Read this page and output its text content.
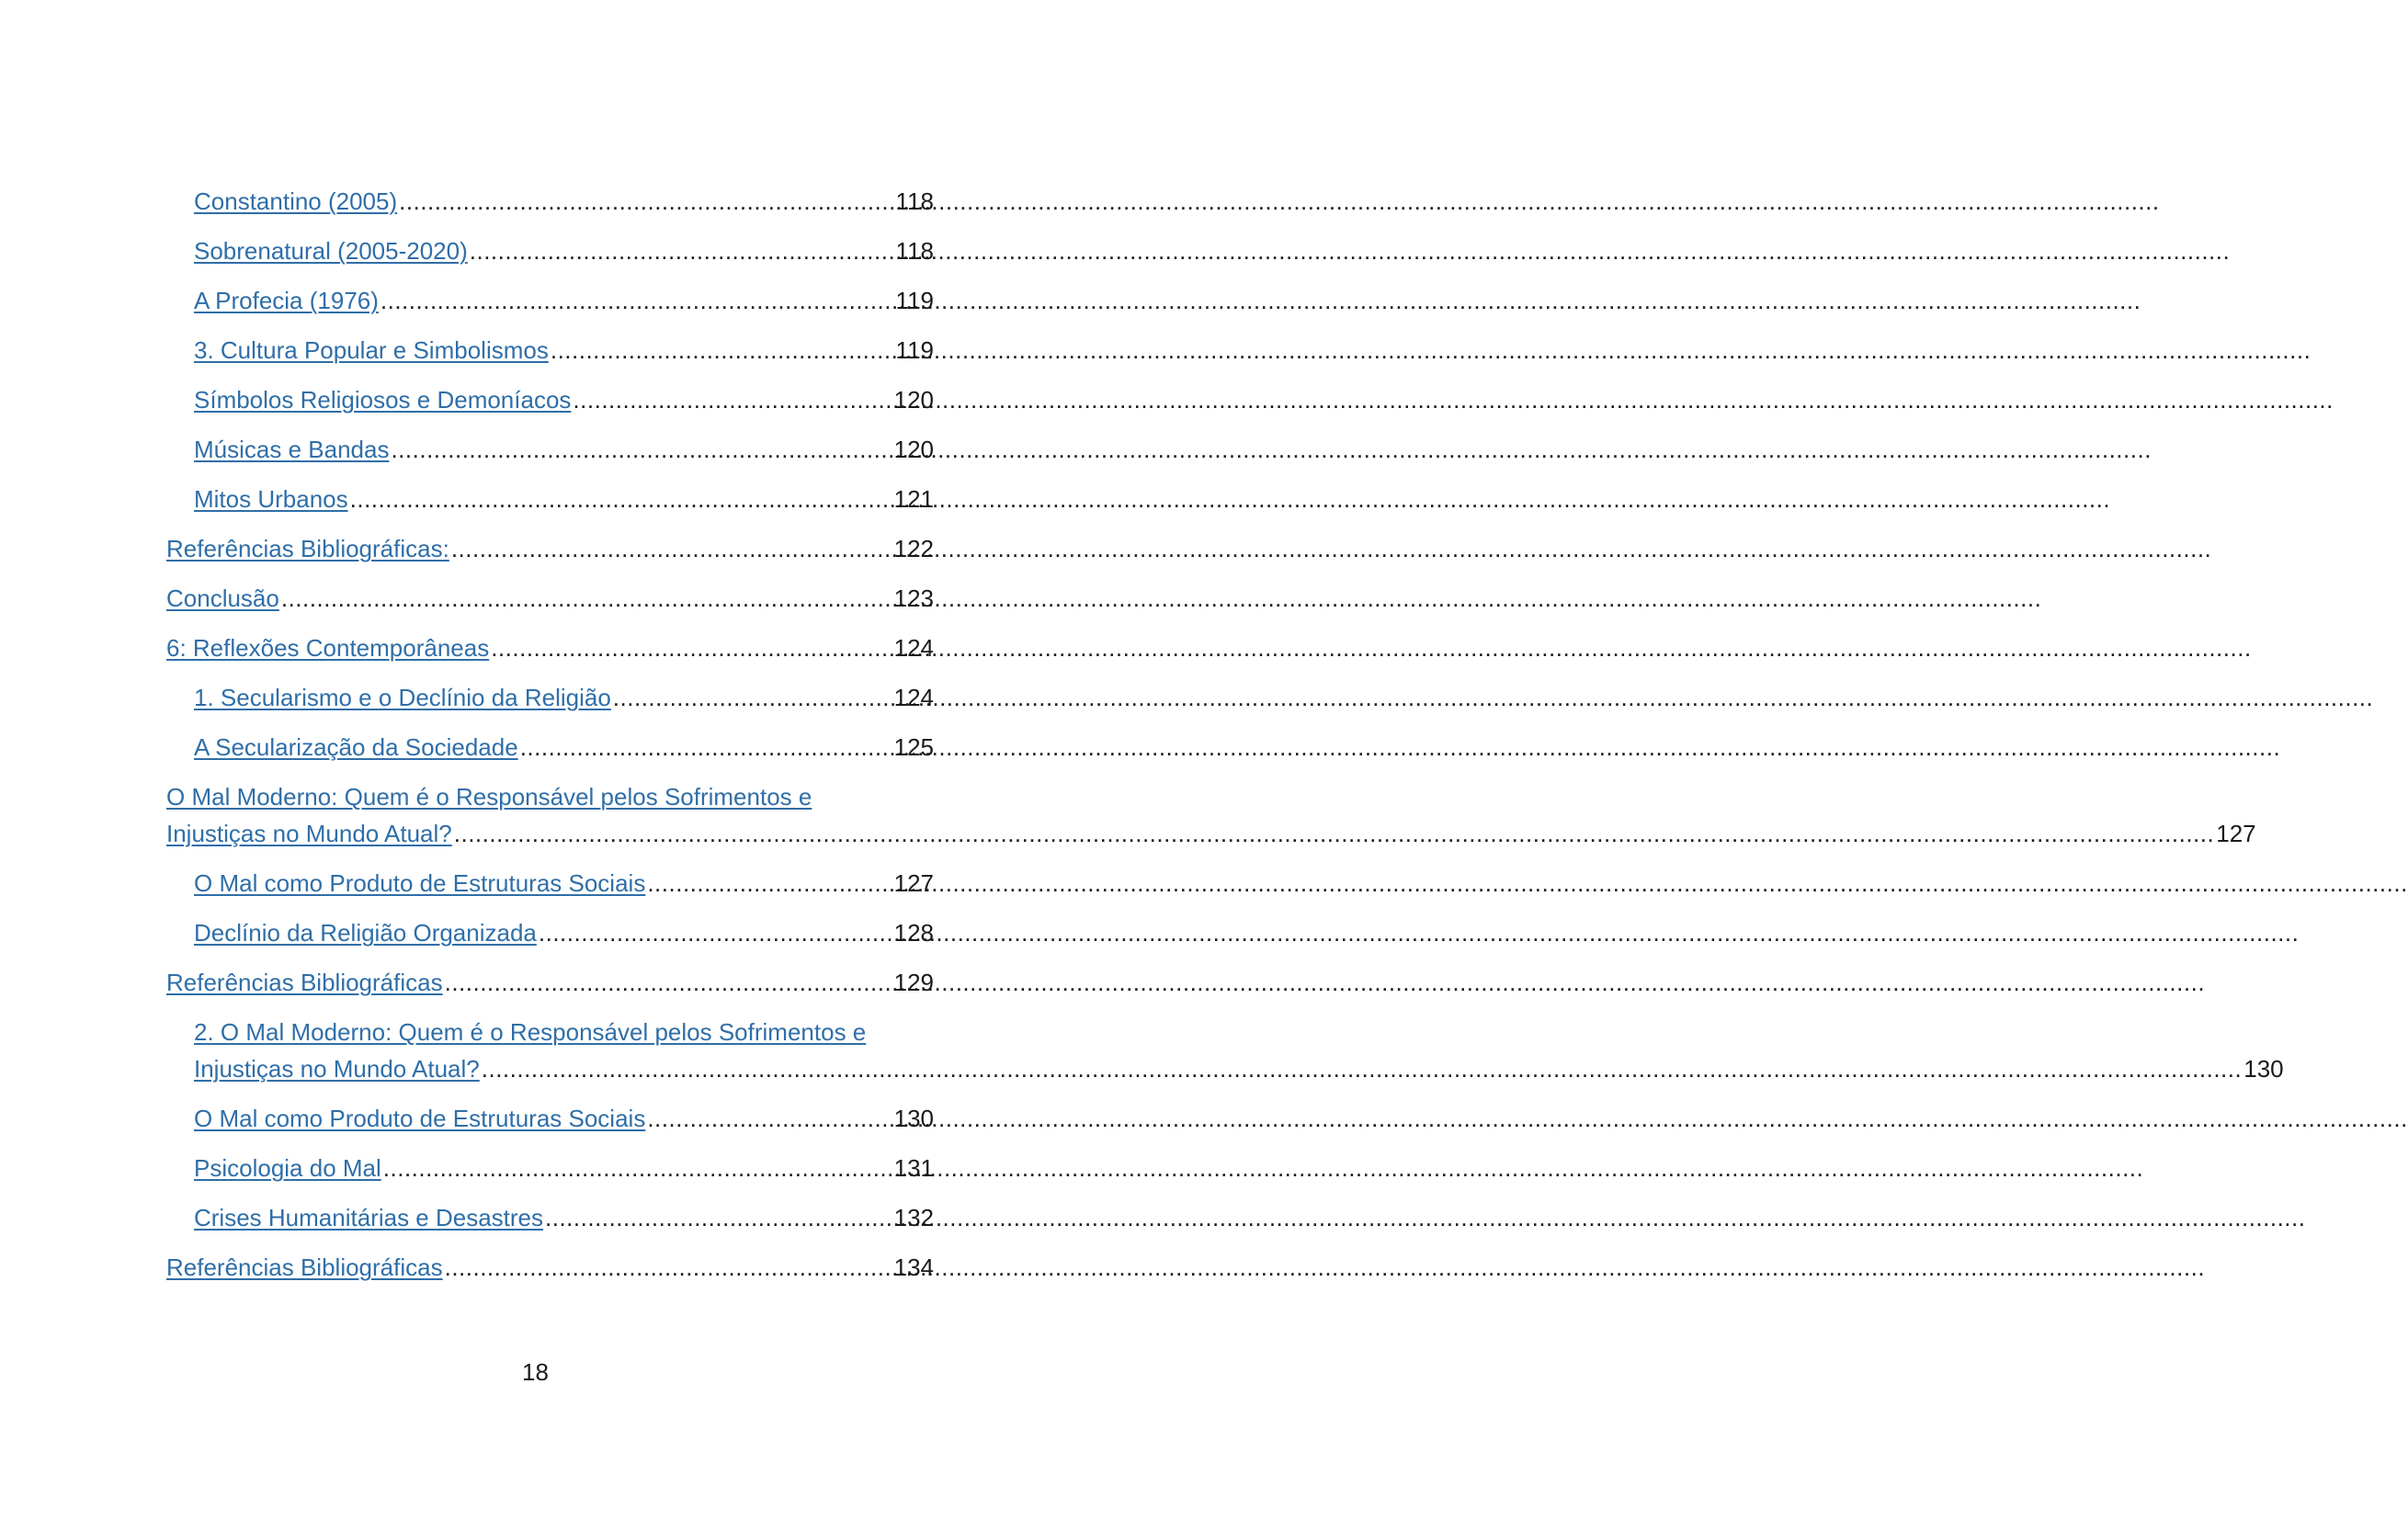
Constantino (2005) .....	118
Sobrenatural (2005-2020) .....	118
A Profecia (1976) .....	119
3. Cultura Popular e Simbolismos .....	119
Símbolos Religiosos e Demoníacos .....	120
Músicas e Bandas .....	120
Mitos Urbanos .....	121
Referências Bibliográficas: .....	122
Conclusão .....	123
6: Reflexões Contemporâneas .....	124
1. Secularismo e o Declínio da Religião .....	124
A Secularização da Sociedade .....	125
O Mal Moderno: Quem é o Responsável pelos Sofrimentos e
Injustiças no Mundo Atual? .....	127
O Mal como Produto de Estruturas Sociais .....	127
Declínio da Religião Organizada .....	128
Referências Bibliográficas .....	129
2. O Mal Moderno: Quem é o Responsável pelos Sofrimentos e
Injustiças no Mundo Atual? .....	130
O Mal como Produto de Estruturas Sociais .....	130
Psicologia do Mal .....	131
Crises Humanitárias e Desastres .....	132
Referências Bibliográficas .....	134
18
